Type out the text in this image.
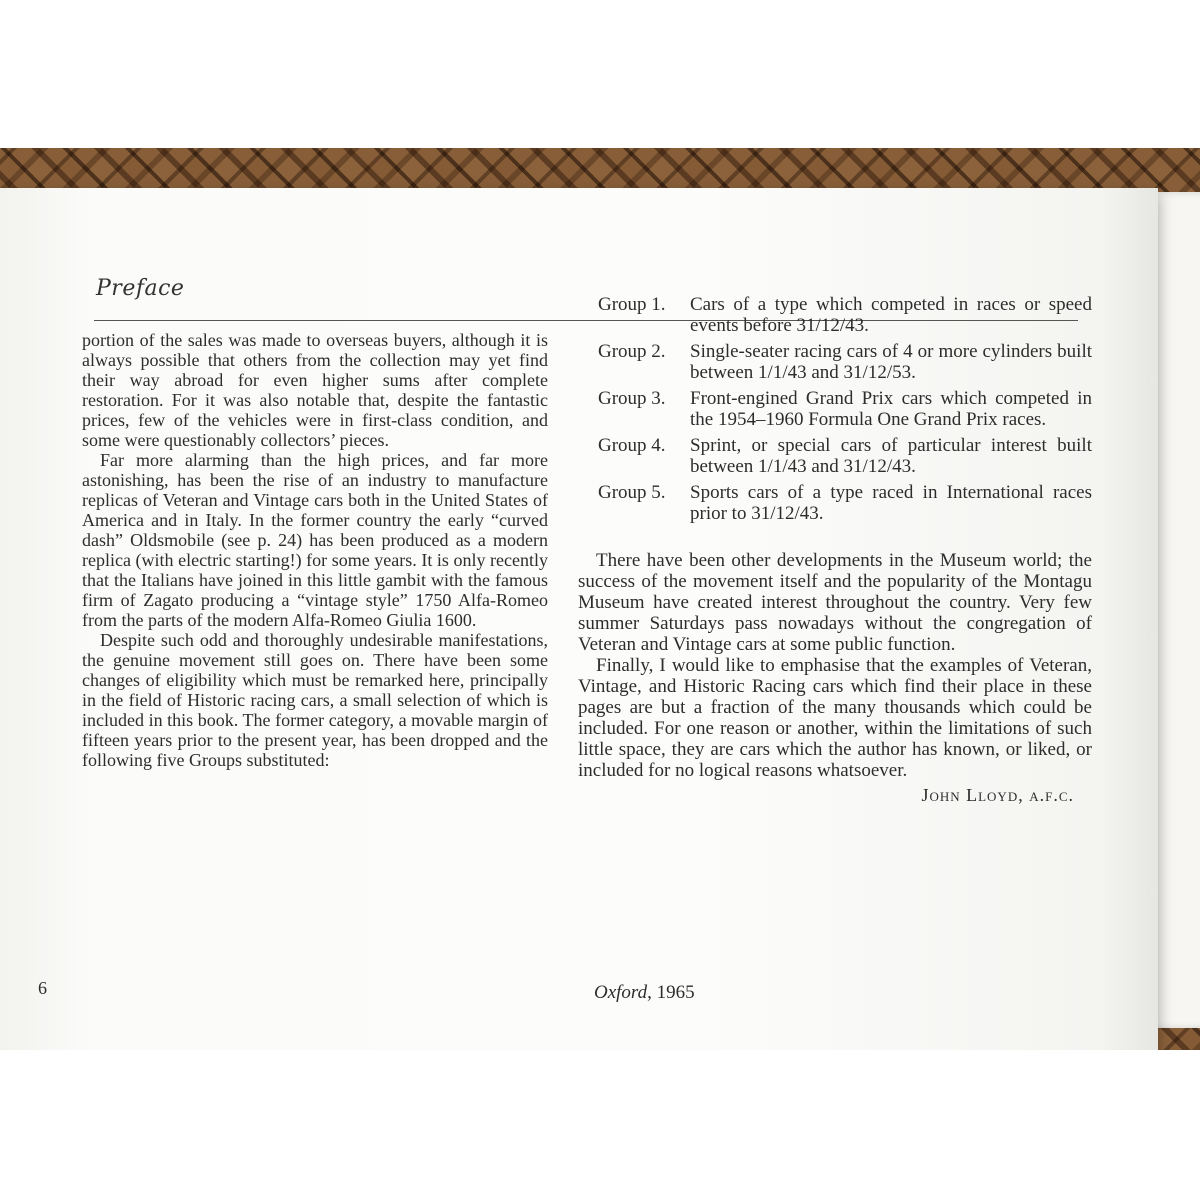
Preface

portion of the sales was made to overseas buyers, although it is always possible that others from the collection may yet find their way abroad for even higher sums after complete restoration. For it was also notable that, despite the fantastic prices, few of the vehicles were in first-class condition, and some were questionably collectors’ pieces.

Far more alarming than the high prices, and far more astonishing, has been the rise of an industry to manufacture replicas of Veteran and Vintage cars both in the United States of America and in Italy. In the former country the early “curved dash” Oldsmobile (see p. 24) has been produced as a modern replica (with electric starting!) for some years. It is only recently that the Italians have joined in this little gambit with the famous firm of Zagato producing a “vintage style” 1750 Alfa-Romeo from the parts of the modern Alfa-Romeo Giulia 1600.

Despite such odd and thoroughly undesirable manifestations, the genuine movement still goes on. There have been some changes of eligibility which must be remarked here, principally in the field of Historic racing cars, a small selection of which is included in this book. The former category, a movable margin of fifteen years prior to the present year, has been dropped and the following five Groups substituted:

6
Group 1.	Cars of a type which competed in races or speed events before 31/12/43.
Group 2.	Single-seater racing cars of 4 or more cylinders built between 1/1/43 and 31/12/53.
Group 3.	Front-engined Grand Prix cars which competed in the 1954–1960 Formula One Grand Prix races.
Group 4.	Sprint, or special cars of particular interest built between 1/1/43 and 31/12/43.
Group 5.	Sports cars of a type raced in International races prior to 31/12/43.

There have been other developments in the Museum world; the success of the movement itself and the popularity of the Montagu Museum have created interest throughout the country. Very few summer Saturdays pass nowadays without the congregation of Veteran and Vintage cars at some public function.

Finally, I would like to emphasise that the examples of Veteran, Vintage, and Historic Racing cars which find their place in these pages are but a fraction of the many thousands which could be included. For one reason or another, within the limitations of such little space, they are cars which the author has known, or liked, or included for no logical reasons whatsoever.

John Lloyd, a.f.c.
Oxford, 1965
